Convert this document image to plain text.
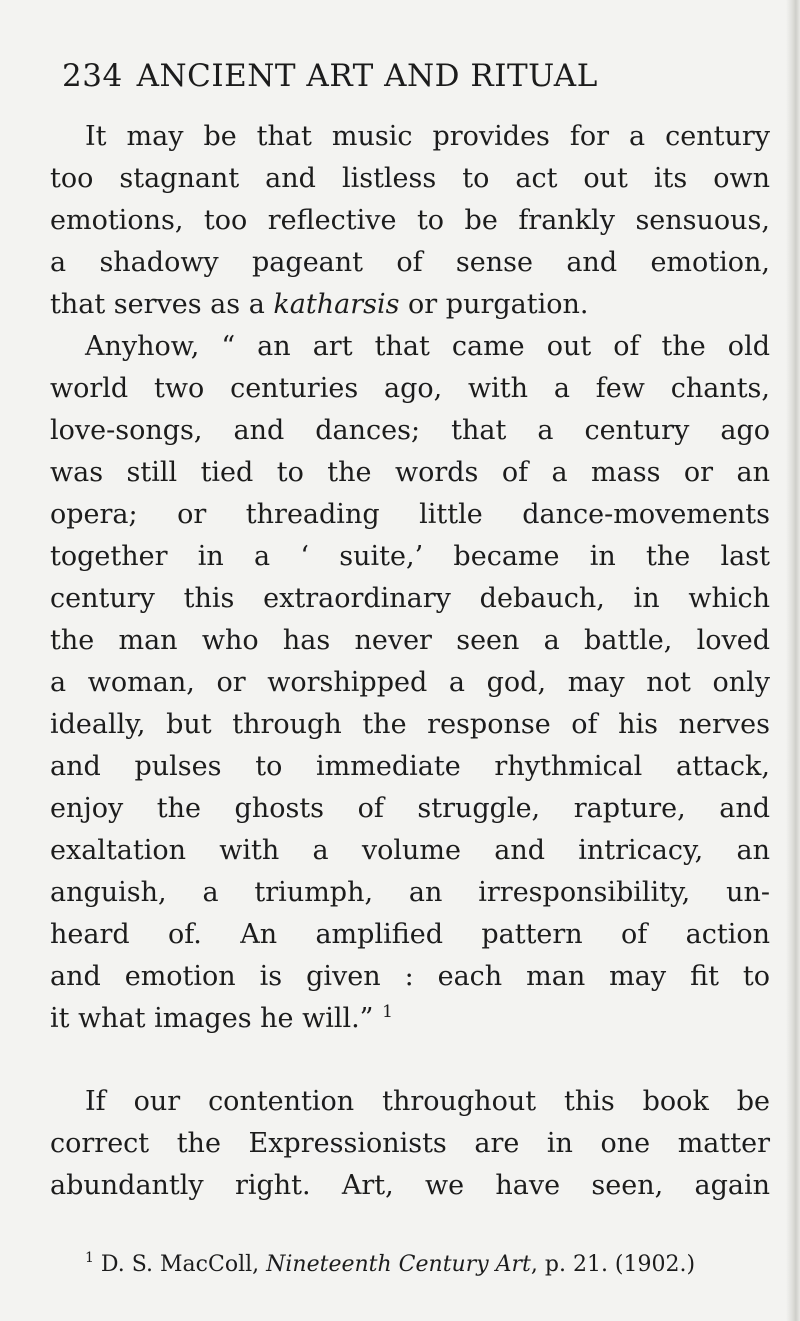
234 ANCIENT ART AND RITUAL
It may be that music provides for a century
too stagnant and listless to act out its own
emotions, too reflective to be frankly sensuous,
a shadowy pageant of sense and emotion,
that serves as a katharsis or purgation.
Anyhow, “ an art that came out of the old
world two centuries ago, with a few chants,
love-songs, and dances; that a century ago
was still tied to the words of a mass or an
opera; or threading little dance-movements
together in a ‘ suite,’ became in the last
century this extraordinary debauch, in which
the man who has never seen a battle, loved
a woman, or worshipped a god, may not only
ideally, but through the response of his nerves
and pulses to immediate rhythmical attack,
enjoy the ghosts of struggle, rapture, and
exaltation with a volume and intricacy, an
anguish, a triumph, an irresponsibility, un-
heard of. An amplified pattern of action
and emotion is given : each man may fit to
it what images he will.” $^1$
If our contention throughout this book be
correct the Expressionists are in one matter
abundantly right. Art, we have seen, again
$^1$ D. S. MacColl, Nineteenth Century Art, p. 21. (1902.)
